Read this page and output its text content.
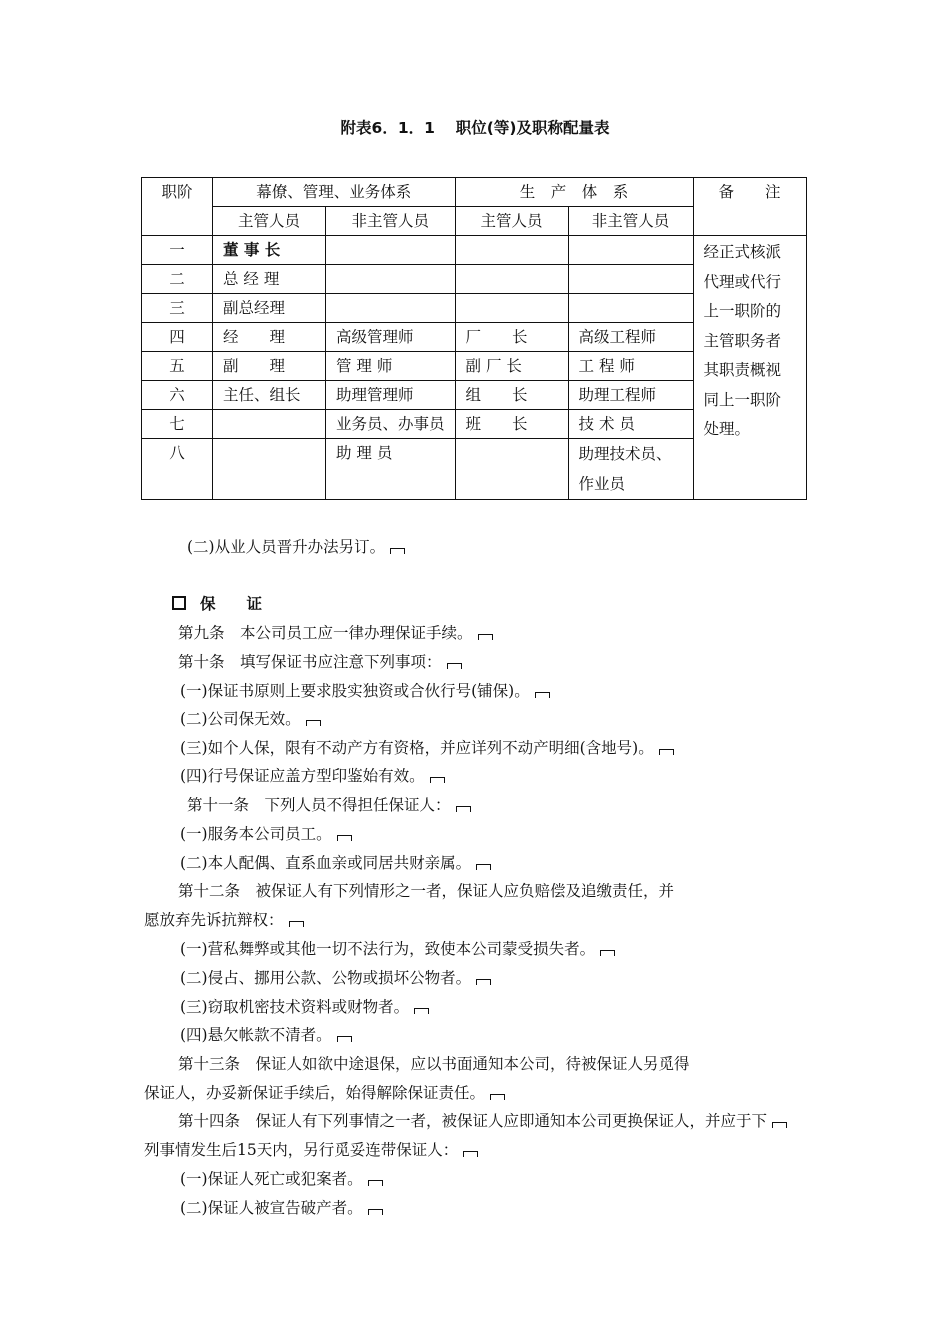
附表6．1．1　 职位(等)及职称配量表
职阶	幕僚、管理、业务体系		生　产　体　系		备　　注
	主管人员	非主管人员	主管人员	非主管人员	
一	董 事 长				经正式核派代理或代行上一职阶的主管职务者其职责概视同上一职阶处理。
二	总 经 理				
三	副总经理				
四	经　　理	高级管理师	厂　　长	高级工程师	
五	副　　理	管 理 师	副 厂 长	工 程 师	
六	主任、组长	助理管理师	组　　长	助理工程师	
七		业务员、办事员	班　　长	技 术 员	
八		助 理 员		助理技术员、作业员	
(二)从业人员晋升办法另订。
保　　证
第九条　本公司员工应一律办理保证手续。
第十条　填写保证书应注意下列事项：
(一)保证书原则上要求股实独资或合伙行号(铺保)。
(二)公司保无效。
(三)如个人保，限有不动产方有资格，并应详列不动产明细(含地号)。
(四)行号保证应盖方型印鉴始有效。
第十一条　下列人员不得担任保证人：
(一)服务本公司员工。
(二)本人配偶、直系血亲或同居共财亲属。
第十二条　被保证人有下列情形之一者，保证人应负赔偿及追缴责任，并
愿放弃先诉抗辩权：
(一)营私舞弊或其他一切不法行为，致使本公司蒙受损失者。
(二)侵占、挪用公款、公物或损坏公物者。
(三)窃取机密技术资料或财物者。
(四)悬欠帐款不清者。
第十三条　保证人如欲中途退保，应以书面通知本公司，待被保证人另觅得
保证人，办妥新保证手续后，始得解除保证责任。
第十四条　保证人有下列事情之一者，被保证人应即通知本公司更换保证人，并应于下
列事情发生后15天内，另行觅妥连带保证人：
(一)保证人死亡或犯案者。
(二)保证人被宣告破产者。
